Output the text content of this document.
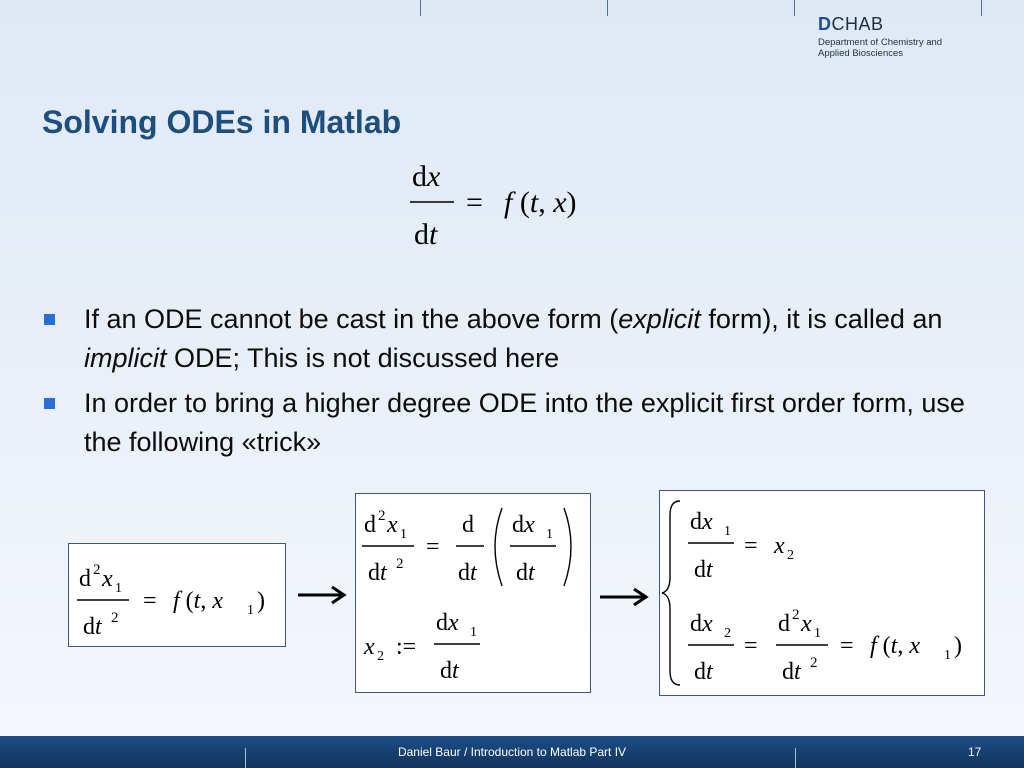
DCHAB
Department of Chemistry and
Applied Biosciences
Solving ODEs in Matlab
dx
dt
= f (t, x)
If an ODE cannot be cast in the above form (explicit form), it is called an implicit ODE; This is not discussed here
In order to bring a higher degree ODE into the explicit first order form, use the following «trick»
d 2 x 1
dt 2
= f (t, x 1 )
d 2 x 1
dt 2
=
d
dt
dx 1
dt
x 2 :=
dx 1
dt
dx 1
dt
= x 2
dx 2
dt
=
d 2 x 1
dt 2
= f (t, x 1 )
Daniel Baur / Introduction to Matlab Part IV	17
